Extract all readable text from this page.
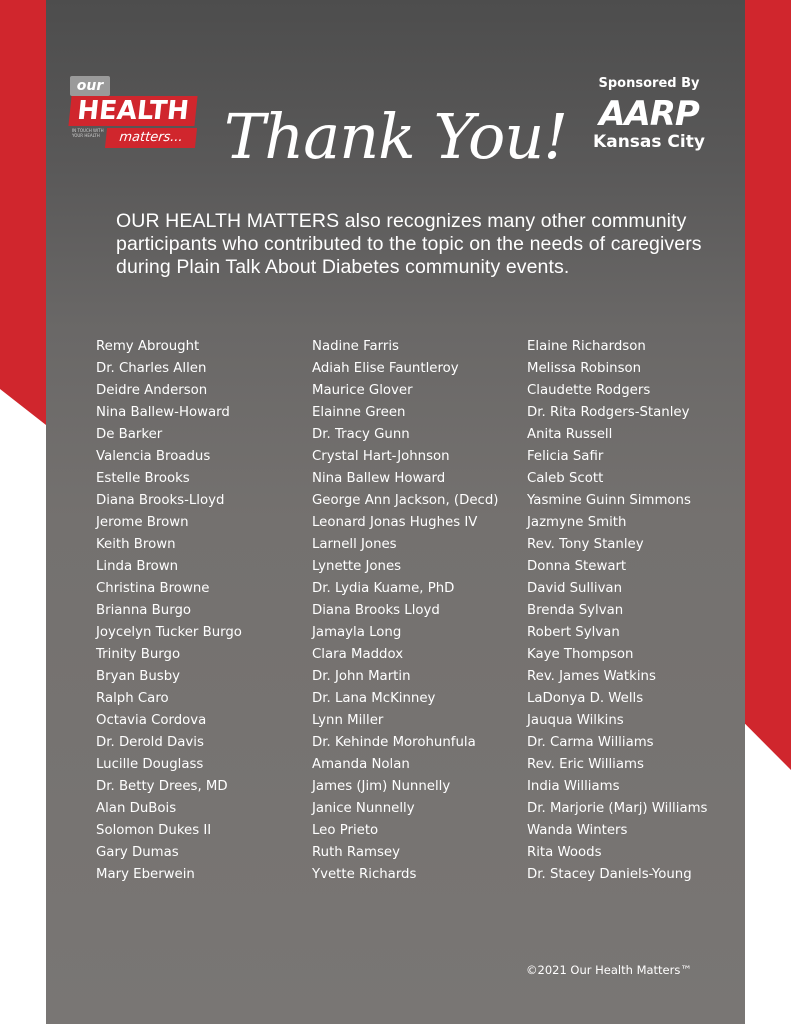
our
HEALTH
IN TOUCH WITH YOUR HEALTH	matters... Thank You!
Sponsored By
AARP
Kansas City
OUR HEALTH MATTERS also recognizes many other community participants who contributed to the topic on the needs of caregivers during Plain Talk About Diabetes community events.
Remy Abrought
Dr. Charles Allen
Deidre Anderson
Nina Ballew-Howard
De Barker
Valencia Broadus
Estelle Brooks
Diana Brooks-Lloyd
Jerome Brown
Keith Brown
Linda Brown
Christina Browne
Brianna Burgo
Joycelyn Tucker Burgo
Trinity Burgo
Bryan Busby
Ralph Caro
Octavia Cordova
Dr. Derold Davis
Lucille Douglass
Dr. Betty Drees, MD
Alan DuBois
Solomon Dukes II
Gary Dumas
Mary Eberwein
Nadine Farris
Adiah Elise Fauntleroy
Maurice Glover
Elainne Green
Dr. Tracy Gunn
Crystal Hart-Johnson
Nina Ballew Howard
George Ann Jackson, (Decd)
Leonard Jonas Hughes IV
Larnell Jones
Lynette Jones
Dr. Lydia Kuame, PhD
Diana Brooks Lloyd
Jamayla Long
Clara Maddox
Dr. John Martin
Dr. Lana McKinney
Lynn Miller
Dr. Kehinde Morohunfula
Amanda Nolan
James (Jim) Nunnelly
Janice Nunnelly
Leo Prieto
Ruth Ramsey
Yvette Richards
Elaine Richardson
Melissa Robinson
Claudette Rodgers
Dr. Rita Rodgers-Stanley
Anita Russell
Felicia Safir
Caleb Scott
Yasmine Guinn Simmons
Jazmyne Smith
Rev. Tony Stanley
Donna Stewart
David Sullivan
Brenda Sylvan
Robert Sylvan
Kaye Thompson
Rev. James Watkins
LaDonya D. Wells
Jauqua Wilkins
Dr. Carma Williams
Rev. Eric Williams
India Williams
Dr. Marjorie (Marj) Williams
Wanda Winters
Rita Woods
Dr. Stacey Daniels-Young
©2021 Our Health Matters™
